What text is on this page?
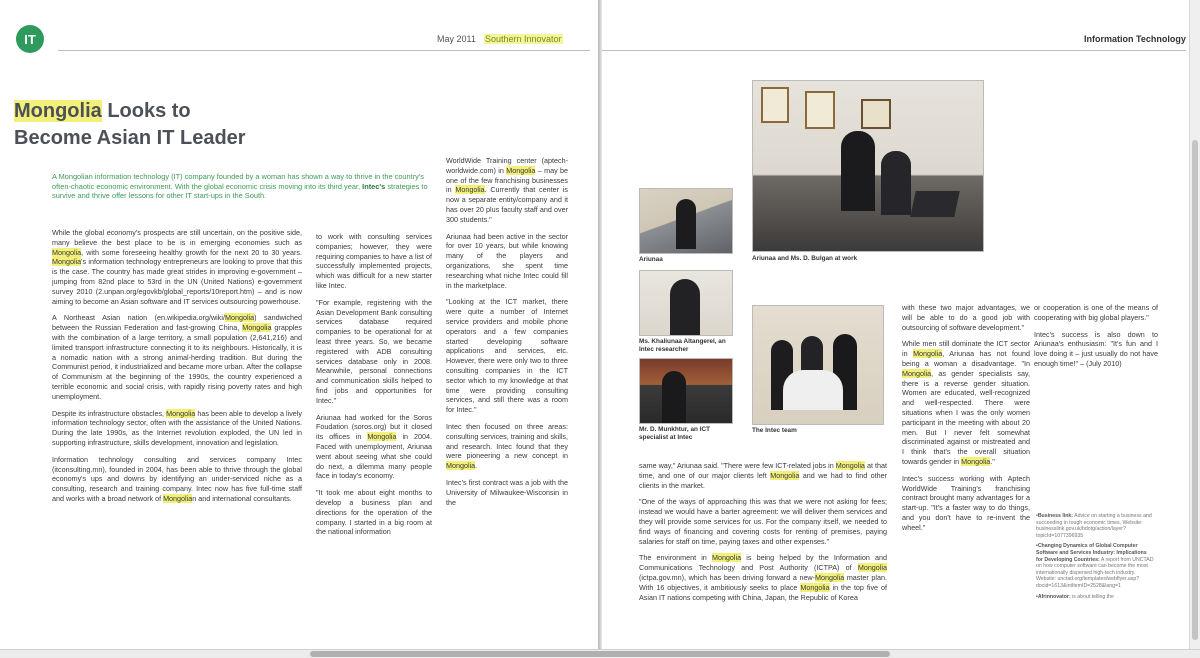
IT	May 2011 Southern Innovator
Mongolia Looks to
Become Asian IT Leader
A Mongolian information technology (IT) company founded by a woman has shown a way to thrive in the country's often-chaotic economic environment. With the global economic crisis moving into its third year, Intec's strategies to survive and thrive offer lessons for other IT start-ups in the South.

While the global economy's prospects are still uncertain, on the positive side, many believe the best place to be is in emerging economies such as Mongolia, with some foreseeing healthy growth for the next 20 to 30 years. Mongolia's information technology entrepreneurs are looking to prove that this is the case. The country has made great strides in improving e-government – jumping from 82nd place to 53rd in the UN (United Nations) e-government survey 2010 (2.unpan.org/egovkb/global_reports/10report.htm) – and is now aiming to become an Asian software and IT services outsourcing powerhouse.

A Northeast Asian nation (en.wikipedia.org/wiki/Mongolia) sandwiched between the Russian Federation and fast-growing China, Mongolia grapples with the combination of a large territory, a small population (2,641,216) and limited transport infrastructure connecting it to its neighbours. Historically, it is a nomadic nation with a strong animal-herding tradition. But during the Communist period, it industrialized and became more urban. After the collapse of Communism at the beginning of the 1990s, the country experienced a terrible economic and social crisis, with rapidly rising poverty rates and high unemployment.

Despite its infrastructure obstacles, Mongolia has been able to develop a lively information technology sector, often with the assistance of the United Nations. During the late 1990s, as the Internet revolution exploded, the UN led in supporting infrastructure, skills development, innovation and legislation.

Information technology consulting and services company Intec (itconsulting.mn), founded in 2004, has been able to thrive through the global economy's ups and downs by identifying an under-serviced niche as a consulting, research and training company. Intec now has five full-time staff and works with a broad network of Mongolian and international consultants.

to work with consulting services companies; however, they were requiring companies to have a list of successfully implemented projects, which was difficult for a new starter like Intec.

"For example, registering with the Asian Development Bank consulting services database required companies to be operational for at least three years. So, we became registered with ADB consulting services database only in 2008. Meanwhile, personal connections and communication skills helped to find jobs and opportunities for Intec."

Ariunaa had worked for the Soros Foudation (soros.org) but it closed its offices in Mongolia in 2004. Faced with unemployment, Ariunaa went about seeing what she could do next, a dilemma many people face in today's economy.

"It took me about eight months to develop a business plan and directions for the operation of the company. I started in a big room at the national information

WorldWide Training center (aptech-worldwide.com) in Mongolia – may be one of the few franchising businesses in Mongolia. Currently that center is now a separate entity/company and it has over 20 plus faculty staff and over 300 students."

Ariunaa had been active in the sector for over 10 years, but while knowing many of the players and organizations, she spent time researching what niche Intec could fill in the marketplace.

"Looking at the ICT market, there were quite a number of Internet service providers and mobile phone operators and a few companies started developing software applications and services, etc. However, there were only two to three consulting companies in the ICT sector which to my knowledge at that time were providing consulting services, and still there was a room for Intec."

Intec then focused on three areas: consulting services, training and skills, and research. Intec found that they were pioneering a new concept in Mongolia.

Intec's first contract was a job with the University of Milwaukee-Wisconsin in the

Information Technology
Ariunaa and Ms. D. Bulgan at work
Ariunaa
Ms. Khaliunaa Altangerel, an Intec researcher
Mr. D. Munkhtur, an ICT specialist at Intec
The Intec team

same way," Ariunaa said. "There were few ICT-related jobs in Mongolia at that time, and one of our major clients left Mongolia and we had to find other clients in the market.

"One of the ways of approaching this was that we were not asking for fees; instead we would have a barter agreement: we will deliver them services and they will provide some services for us. For the company itself, we needed to find ways of financing and covering costs for renting of premises, paying salaries for staff on time, paying taxes and other expenses."

The environment in Mongolia is being helped by the Information and Communications Technology and Post Authority (ICTPA) of Mongolia (ictpa.gov.mn), which has been driving forward a new-Mongolia master plan. With 16 objectives, it ambitiously seeks to place Mongolia in the top five of Asian IT nations competing with China, Japan, the Republic of Korea

with these two major advantages, we will be able to do a good job with outsourcing of software development."

While men still dominate the ICT sector in Mongolia, Ariunaa has not found being a woman a disadvantage. "In Mongolia, as gender specialists say, there is a reverse gender situation. Women are educated, well-recognized and well-respected. There were situations when I was the only women participant in the meeting with about 20 men. But I never felt somewhat discriminated against or mistreated and I think that's the overall situation towards gender in Mongolia."

Intec's success working with Aptech WorldWide Training's franchising contract brought many advantages for a start-up. "It's a faster way to do things, and you don't have to re-invent the wheel."

or cooperation is one of the means of cooperating with big global players."

Intec's success is also down to Ariunaa's enthusiasm: "It's fun and I love doing it – just usually do not have enough time!" – (July 2010)

•Business link: Advice on starting a business and succeeding in tough economic times. Website: businesslink.gov.uk/bdotg/action/layer?topicId=1077396935

•Changing Dynamics of Global Computer Software and Services Industry: Implications for Developing Countries: A report from UNCTAD on how computer software can become the most internationally dispersed high-tech industry. Website: unctad.org/templates/webflyer.asp?docid=1613&intItemID=2528&lang=1

•Afrinnovator: is about telling the
